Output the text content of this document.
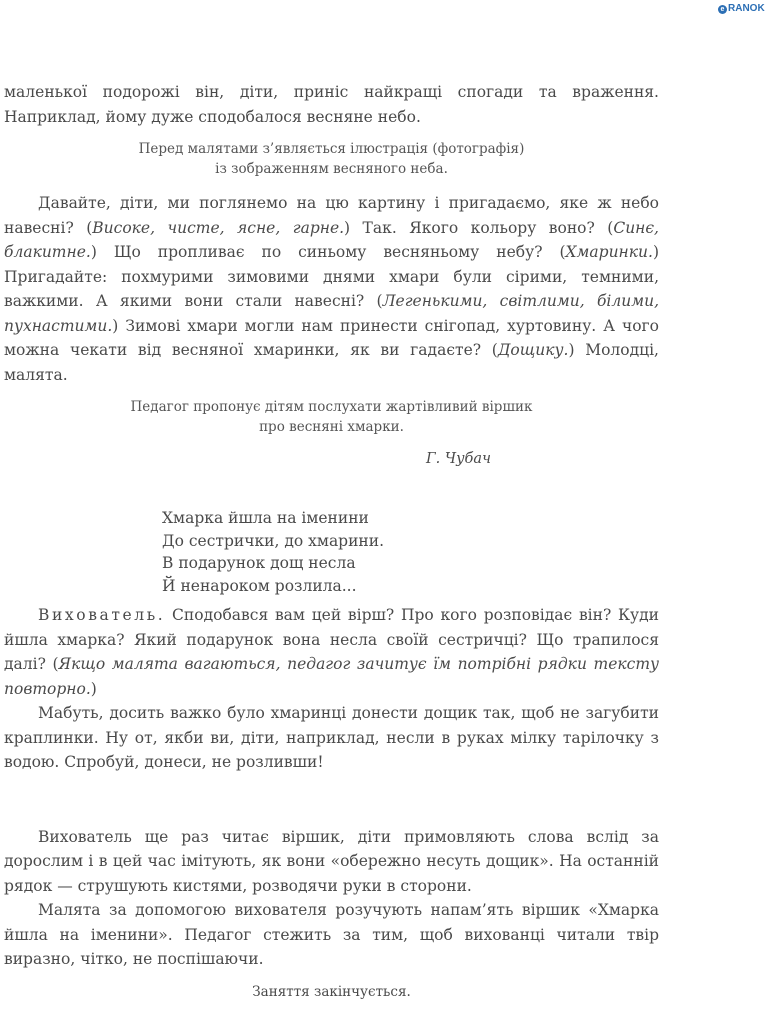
e RANOK

маленької подорожі він, діти, приніс найкращі спогади та враження. Наприклад, йому дуже сподобалося весняне небо.

Перед малятами з’являється ілюстрація (фотографія)
із зображенням весняного неба.

Давайте, діти, ми поглянемо на цю картину і пригадаємо, яке ж небо навесні? (Високе, чисте, ясне, гарне.) Так. Якого кольору воно? (Синє, блакитне.) Що пропливає по синьому весняньому небу? (Хмаринки.) Пригадайте: похмурими зимовими днями хмари були сірими, темними, важкими. А якими вони стали навесні? (Легенькими, світлими, білими, пухнастими.) Зимові хмари могли нам принести снігопад, хуртовину. А чого можна чекати від весняної хмаринки, як ви гадаєте? (Дощику.) Молодці, малята.

Педагог пропонує дітям послухати жартівливий віршик
про весняні хмарки.
Г. Чубач
Хмарка йшла на іменини
До сестрички, до хмарини.
В подарунок дощ несла
Й ненароком розлила...

Вихователь. Сподобався вам цей вірш? Про кого розповідає він? Куди йшла хмарка? Який подарунок вона несла своїй сестричці? Що трапилося далі? (Якщо малята вагаються, педагог зачитує їм потрібні рядки тексту повторно.)

Мабуть, досить важко було хмаринці донести дощик так, щоб не загубити краплинки. Ну от, якби ви, діти, наприклад, несли в руках мілку тарілочку з водою. Спробуй, донеси, не розливши!

Вихователь ще раз читає віршик, діти примовляють слова вслід за дорослим і в цей час імітують, як вони «обережно несуть дощик». На останній рядок — струшують кистями, розводячи руки в сторони.

Малята за допомогою вихователя розучують напам’ять віршик «Хмарка йшла на іменини». Педагог стежить за тим, щоб вихованці читали твір виразно, чітко, не поспішаючи.

Заняття закінчується.
